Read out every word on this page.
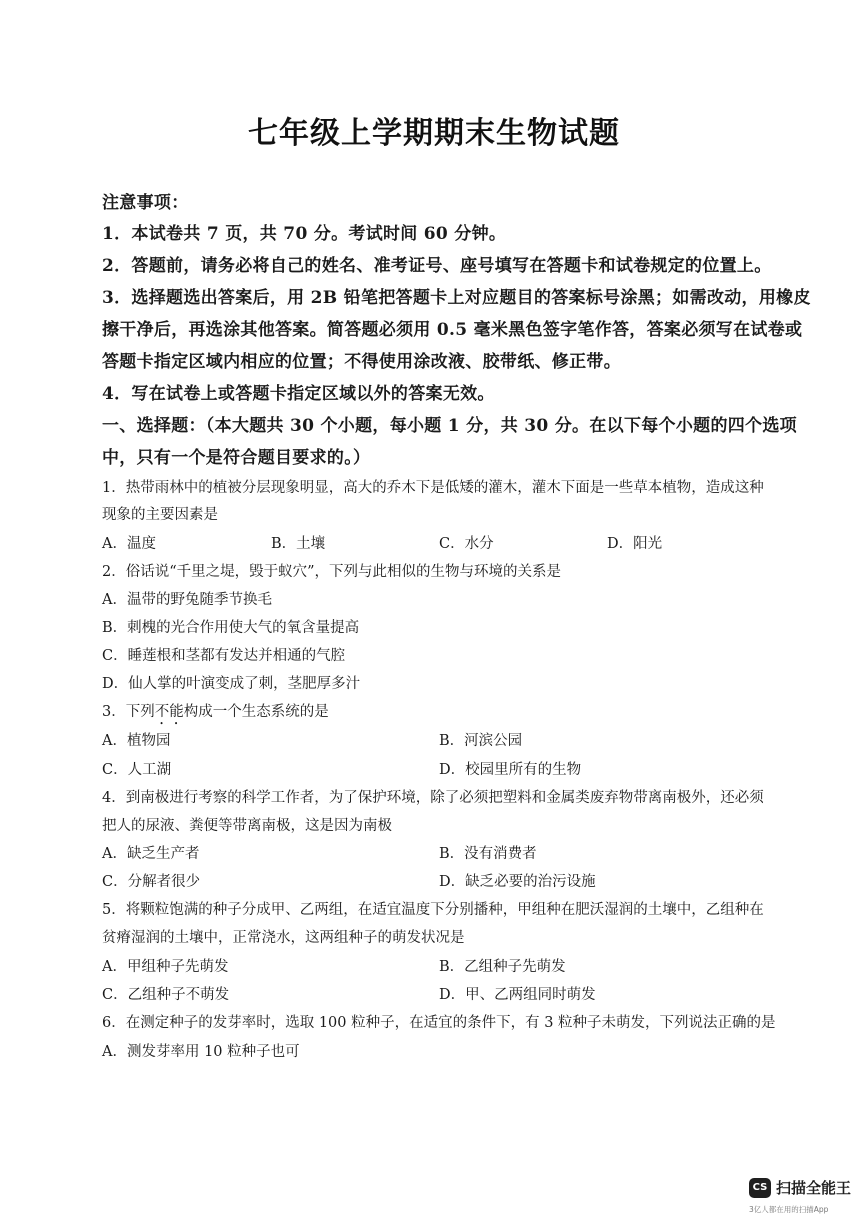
七年级上学期期末生物试题
注意事项：
1．本试卷共 7 页，共 70 分。考试时间 60 分钟。
2．答题前，请务必将自己的姓名、准考证号、座号填写在答题卡和试卷规定的位置上。
3．选择题选出答案后，用 2B 铅笔把答题卡上对应题目的答案标号涂黑；如需改动，用橡皮
擦干净后，再选涂其他答案。简答题必须用 0.5 毫米黑色签字笔作答，答案必须写在试卷或
答题卡指定区域内相应的位置；不得使用涂改液、胶带纸、修正带。
4．写在试卷上或答题卡指定区域以外的答案无效。
一、选择题：（本大题共 30 个小题，每小题 1 分，共 30 分。在以下每个小题的四个选项
中，只有一个是符合题目要求的。）
1．热带雨林中的植被分层现象明显，高大的乔木下是低矮的灌木，灌木下面是一些草本植物，造成这种
现象的主要因素是
A．温度	B．土壤	C．水分	D．阳光
2．俗话说“千里之堤，毁于蚁穴”，下列与此相似的生物与环境的关系是
A．温带的野兔随季节换毛
B．刺槐的光合作用使大气的氧含量提高
C．睡莲根和茎都有发达并相通的气腔
D．仙人掌的叶演变成了刺，茎肥厚多汁
3．下列不能构成一个生态系统的是
A．植物园	B．河滨公园
C．人工湖	D．校园里所有的生物
4．到南极进行考察的科学工作者，为了保护环境，除了必须把塑料和金属类废弃物带离南极外，还必须
把人的尿液、粪便等带离南极，这是因为南极
A．缺乏生产者	B．没有消费者
C．分解者很少	D．缺乏必要的治污设施
5．将颗粒饱满的种子分成甲、乙两组，在适宜温度下分别播种，甲组种在肥沃湿润的土壤中，乙组种在
贫瘠湿润的土壤中，正常浇水，这两组种子的萌发状况是
A．甲组种子先萌发	B．乙组种子先萌发
C．乙组种子不萌发	D．甲、乙两组同时萌发
6．在测定种子的发芽率时，选取 100 粒种子，在适宜的条件下，有 3 粒种子未萌发，下列说法正确的是
A．测发芽率用 10 粒种子也可
CS 扫描全能王
3亿人都在用的扫描App
